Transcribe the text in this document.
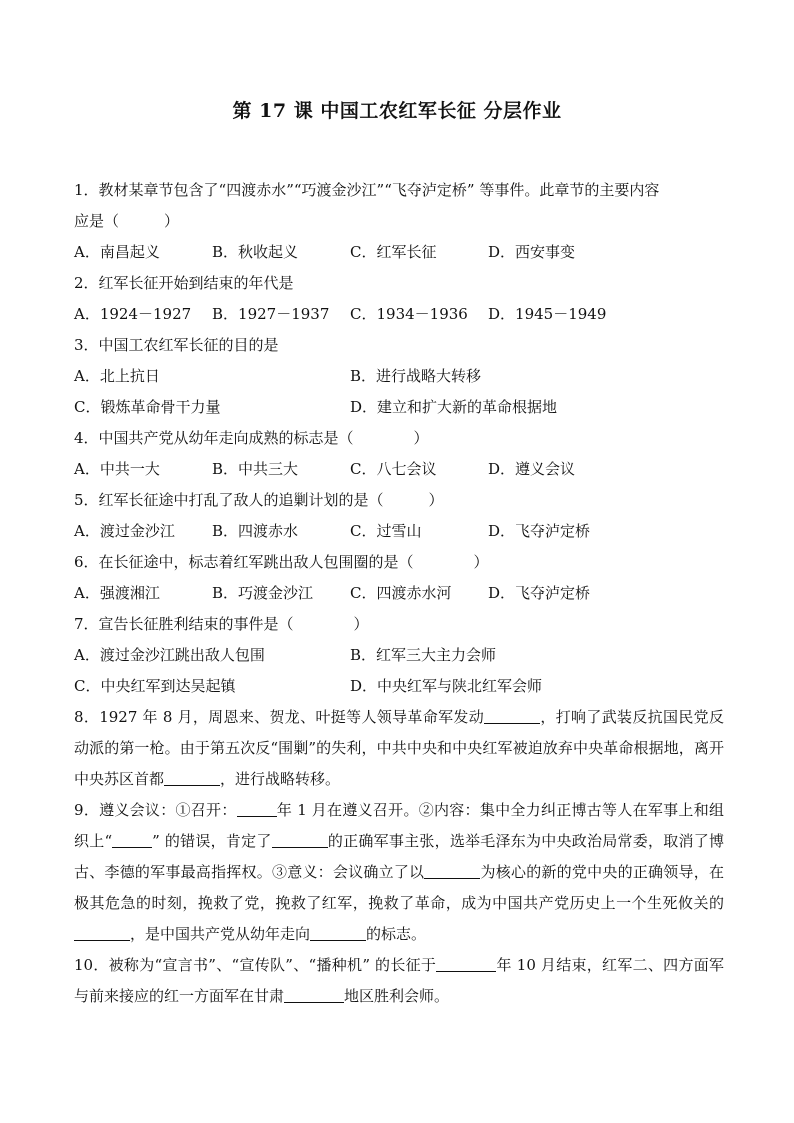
第 17 课 中国工农红军长征 分层作业
1．教材某章节包含了“四渡赤水”“巧渡金沙江”“飞夺泸定桥” 等事件。此章节的主要内容
应是（　　　）
A．南昌起义	B．秋收起义	C．红军长征	D．西安事变
2．红军长征开始到结束的年代是
A．1924－1927 B．1927－1937 C．1934－1936 D．1945－1949
3．中国工农红军长征的目的是
A．北上抗日	B．进行战略大转移
C．锻炼革命骨干力量	D．建立和扩大新的革命根据地
4．中国共产党从幼年走向成熟的标志是（　　　　）
A．中共一大	B．中共三大	C．八七会议	D．遵义会议
5．红军长征途中打乱了敌人的追剿计划的是（　　　）
A．渡过金沙江 B．四渡赤水	C．过雪山	D．飞夺泸定桥
6．在长征途中，标志着红军跳出敌人包围圈的是（　　　　）
A．强渡湘江	B．巧渡金沙江 C．四渡赤水河 D．飞夺泸定桥
7．宣告长征胜利结束的事件是（　　　　）
A．渡过金沙江跳出敌人包围	B．红军三大主力会师
C．中央红军到达吴起镇	D．中央红军与陕北红军会师
8．1927 年 8 月，周恩来、贺龙、叶挺等人领导革命军发动	，打响了武装反抗国民党反动派的第一枪。由于第五次反“围剿”的失利，中共中央和中央红军被迫放弃中央革命根据地，离开中央苏区首都	，进行战略转移。
9．遵义会议：①召开：	年 1 月在遵义召开。②内容：集中全力纠正博古等人在军事上和组织上“	” 的错误，肯定了	的正确军事主张，选举毛泽东为中央政治局常委，取消了博古、李德的军事最高指挥权。③意义：会议确立了以	为核心的新的党中央的正确领导，在极其危急的时刻，挽救了党，挽救了红军，挽救了革命，成为中国共产党历史上一个生死攸关的，是中国共产党从幼年走向	的标志。
10．被称为“宣言书”、“宣传队”、“播种机” 的长征于	年 10 月结束，红军二、四方面军与前来接应的红一方面军在甘肃	地区胜利会师。
